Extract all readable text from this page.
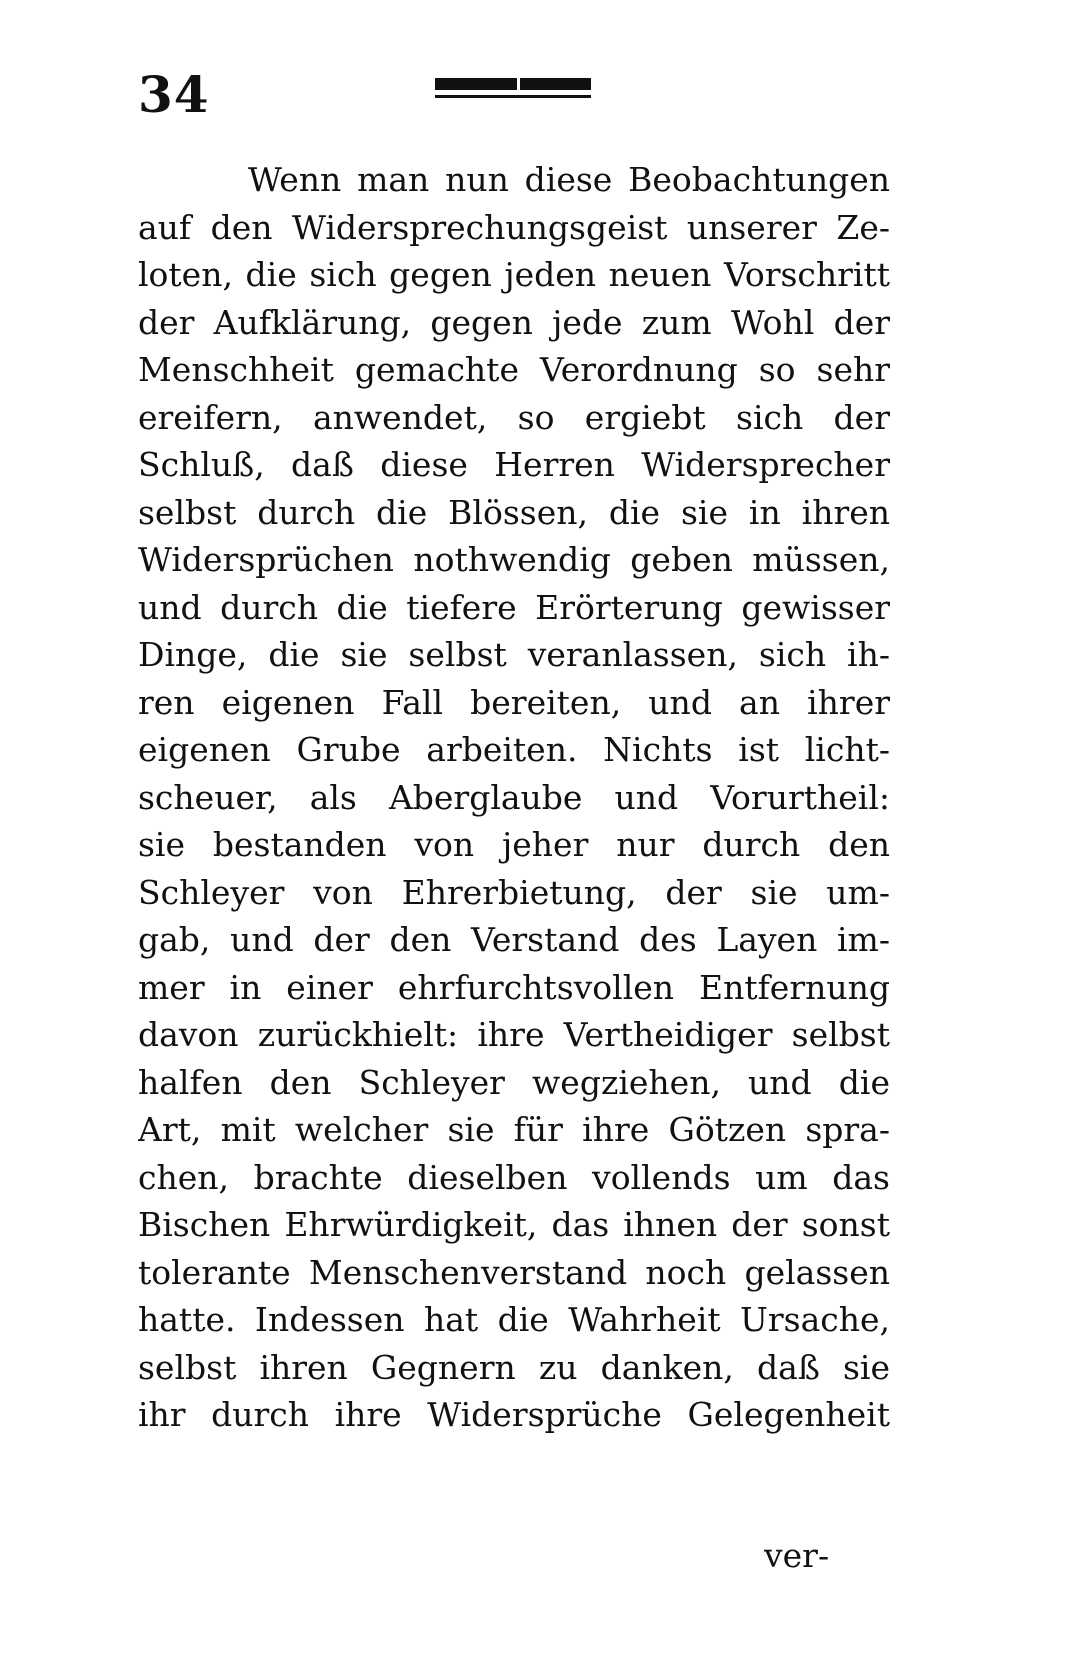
34
Wenn man nun diese Beobachtungen
auf den Widersprechungsgeist unserer Ze-
loten, die sich gegen jeden neuen Vorschritt
der Aufklärung, gegen jede zum Wohl der
Menschheit gemachte Verordnung so sehr
ereifern, anwendet, so ergiebt sich der
Schluß, daß diese Herren Widersprecher
selbst durch die Blössen, die sie in ihren
Widersprüchen nothwendig geben müssen,
und durch die tiefere Erörterung gewisser
Dinge, die sie selbst veranlassen, sich ih-
ren eigenen Fall bereiten, und an ihrer
eigenen Grube arbeiten. Nichts ist licht-
scheuer, als Aberglaube und Vorurtheil:
sie bestanden von jeher nur durch den
Schleyer von Ehrerbietung, der sie um-
gab, und der den Verstand des Layen im-
mer in einer ehrfurchtsvollen Entfernung
davon zurückhielt: ihre Vertheidiger selbst
halfen den Schleyer wegziehen, und die
Art, mit welcher sie für ihre Götzen spra-
chen, brachte dieselben vollends um das
Bischen Ehrwürdigkeit, das ihnen der sonst
tolerante Menschenverstand noch gelassen
hatte. Indessen hat die Wahrheit Ursache,
selbst ihren Gegnern zu danken, daß sie
ihr durch ihre Widersprüche Gelegenheit
ver-
